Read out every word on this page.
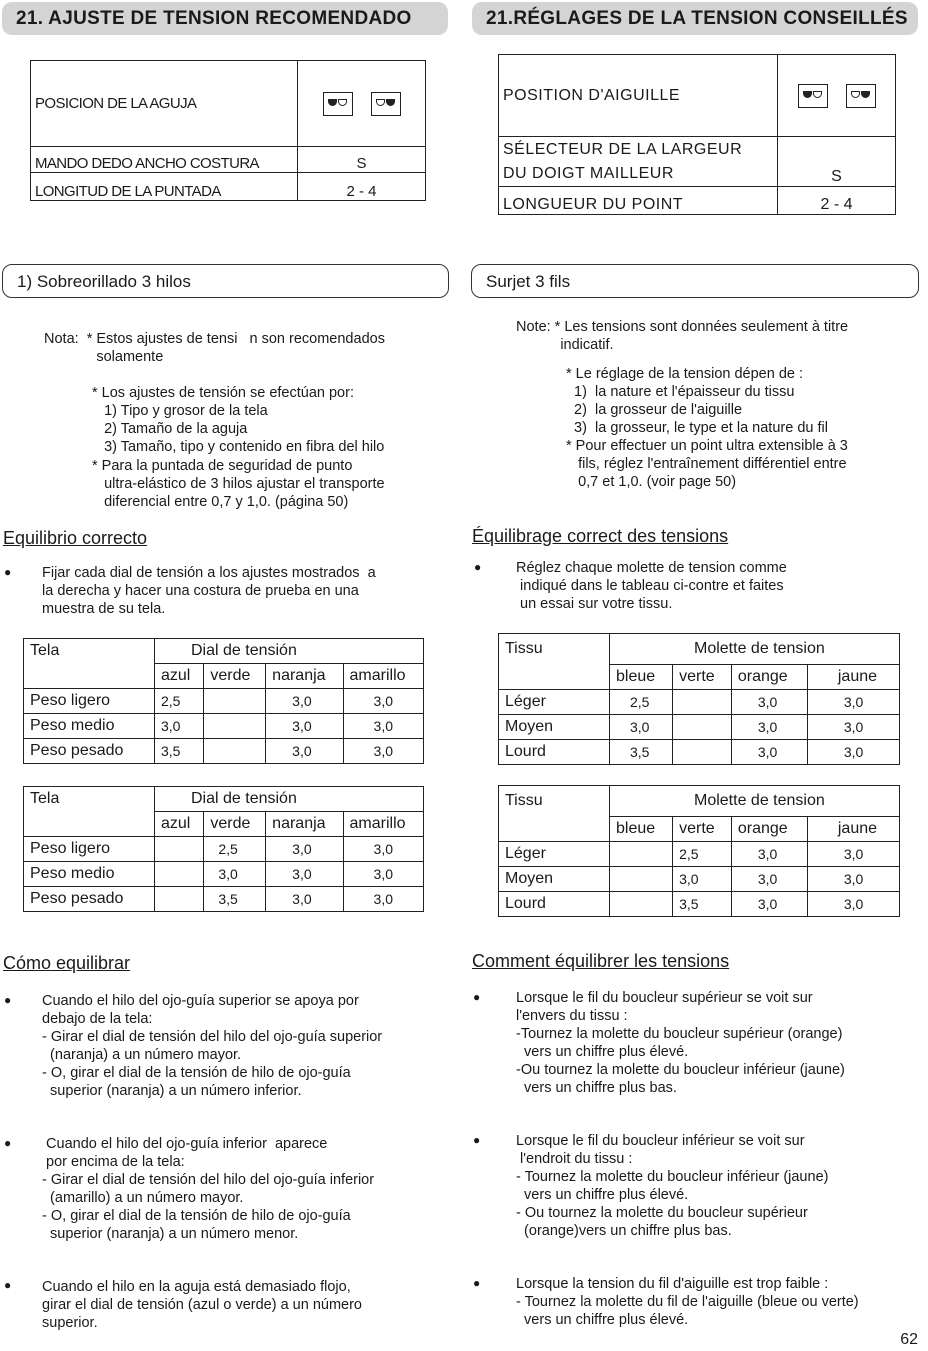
21. AJUSTE DE TENSION RECOMENDADO	21.RÉGLAGES DE LA TENSION CONSEILLÉS
POSICION DE LA AGUJA	

MANDO DEDO ANCHO COSTURA	S
LONGITUD DE LA PUNTADA	2 - 4
POSITION D'AIGUILLE	

SÉLECTEUR DE LA LARGEUR
DU DOIGT MAILLEUR	S
LONGUEUR DU POINT	2 - 4
1) Sobreorillado 3 hilos	Surjet 3 fils
Nota:  * Estos ajustes de tensi   n son recomendados
solamente
* Los ajustes de tensión se efectúan por:
1) Tipo y grosor de la tela
2) Tamaño de la aguja
3) Tamaño, tipo y contenido en fibra del hilo
* Para la puntada de seguridad de punto
ultra-elástico de 3 hilos ajustar el transporte
diferencial entre 0,7 y 1,0. (página 50)
Note: * Les tensions sont données seulement à titre
indicatif.
* Le réglage de la tension dépen de :
1)  la nature et l'épaisseur du tissu
2)  la grosseur de l'aiguille
3)  la grosseur, le type et la nature du fil
* Pour effectuer un point ultra extensible à 3
fils, réglez l'entraînement différentiel entre
0,7 et 1,0. (voir page 50)
Equilibrio correcto	Équilibrage correct des tensions
● Fijar cada dial de tensión a los ajustes mostrados  a
la derecha y hacer una costura de prueba en una
muestra de su tela.
● Réglez chaque molette de tension comme
indiqué dans le tableau ci-contre et faites
un essai sur votre tissu.
Tela	Dial de tensión			
	azul	verde	naranja	amarillo
Peso ligero	2,5		3,0	3,0
Peso medio	3,0		3,0	3,0
Peso pesado	3,5		3,0	3,0
Tela	Dial de tensión			
	azul	verde	naranja	amarillo
Peso ligero		2,5	3,0	3,0
Peso medio		3,0	3,0	3,0
Peso pesado		3,5	3,0	3,0
Tissu	Molette de tension			
	bleue	verte	orange	jaune
Léger	2,5		3,0	3,0
Moyen	3,0		3,0	3,0
Lourd	3,5		3,0	3,0
Tissu	Molette de tension			
	bleue	verte	orange	jaune
Léger		2,5	3,0	3,0
Moyen		3,0	3,0	3,0
Lourd		3,5	3,0	3,0
Cómo equilibrar	Comment équilibrer les tensions
● Cuando el hilo del ojo-guía superior se apoya por
debajo de la tela:
- Girar el dial de tensión del hilo del ojo-guía superior
(naranja) a un número mayor.
- O, girar el dial de la tensión de hilo de ojo-guía
superior (naranja) a un número inferior.
● Cuando el hilo del ojo-guía inferior  aparece
por encima de la tela:
- Girar el dial de tensión del hilo del ojo-guía inferior
(amarillo) a un número mayor.
- O, girar el dial de la tensión de hilo de ojo-guía
superior (naranja) a un número menor.
● Cuando el hilo en la aguja está demasiado flojo,
girar el dial de tensión (azul o verde) a un número
superior.
● Lorsque le fil du boucleur supérieur se voit sur
l'envers du tissu :
-Tournez la molette du boucleur supérieur (orange)
vers un chiffre plus élevé.
-Ou tournez la molette du boucleur inférieur (jaune)
vers un chiffre plus bas.
● Lorsque le fil du boucleur inférieur se voit sur
l'endroit du tissu :
- Tournez la molette du boucleur inférieur (jaune)
vers un chiffre plus élevé.
- Ou tournez la molette du boucleur supérieur
(orange)vers un chiffre plus bas.
● Lorsque la tension du fil d'aiguille est trop faible :
- Tournez la molette du fil de l'aiguille (bleue ou verte)
vers un chiffre plus élevé.
62
